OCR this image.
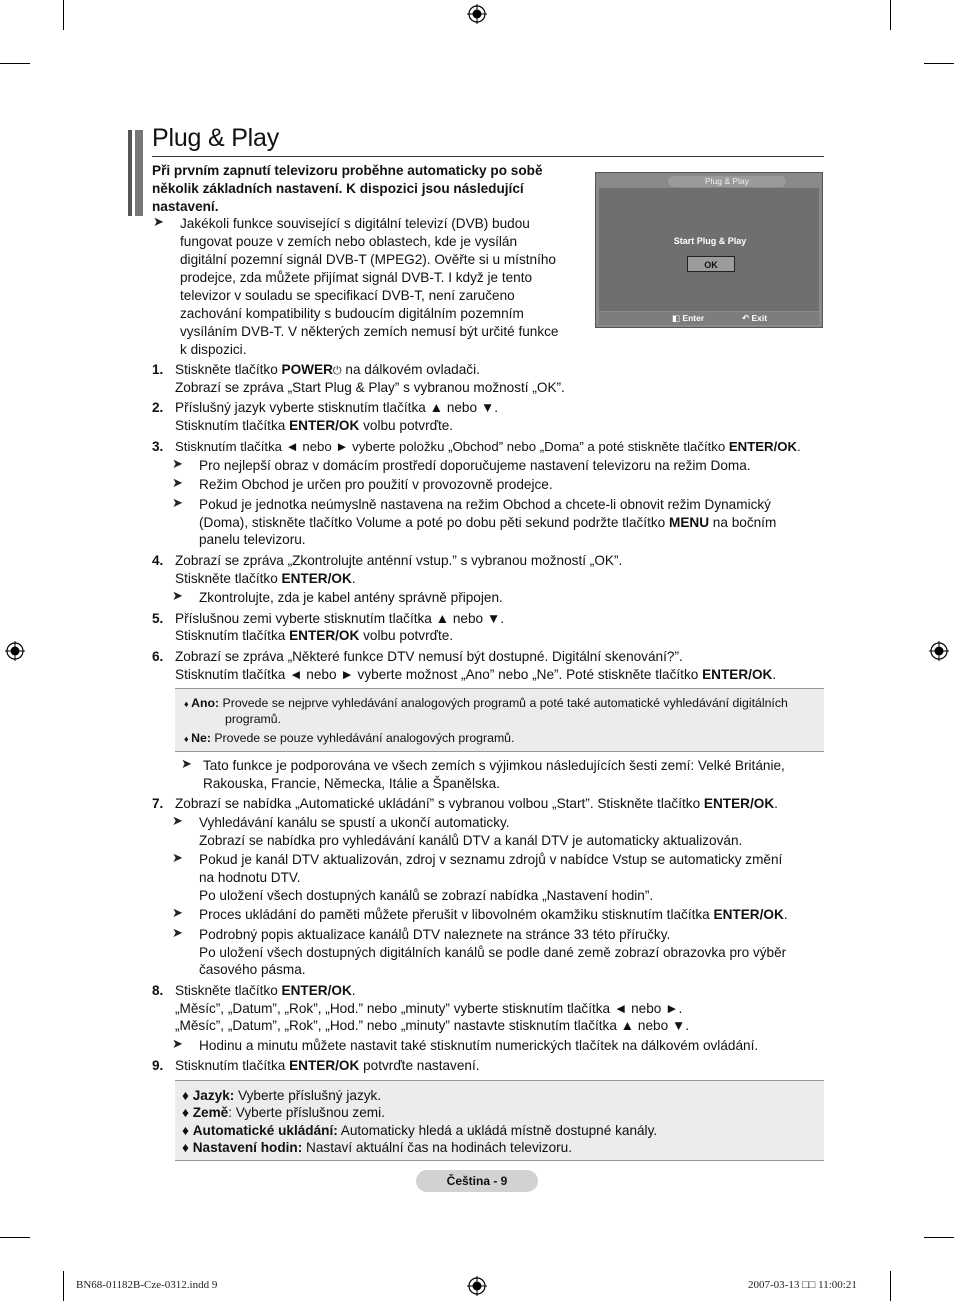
Plug & Play
Při prvním zapnutí televizoru proběhne automaticky po sobě několik základních nastavení. K dispozici jsou následující nastavení.
➤ Jakékoli funkce související s digitální televizí (DVB) budou
fungovat pouze v zemích nebo oblastech, kde je vysílán
digitální pozemní signál DVB-T (MPEG2). Ověřte si u místního
prodejce, zda můžete přijímat signál DVB-T. I když je tento
televizor v souladu se specifikací DVB-T, není zaručeno
zachování kompatibility s budoucím digitálním pozemním
vysíláním DVB-T. V některých zemích nemusí být určité funkce
k dispozici.
Plug & Play
Start Plug & Play
OK
◧ Enter	↶ Exit
1. Stiskněte tlačítko POWER⏻ na dálkovém ovladači.
Zobrazí se zpráva „Start Plug & Play” s vybranou možností „OK”.
2. Příslušný jazyk vyberte stisknutím tlačítka ▲ nebo ▼.
Stisknutím tlačítka ENTER/OK volbu potvrďte.
3. Stisknutím tlačítka ◄ nebo ► vyberte položku „Obchod” nebo „Doma” a poté stiskněte tlačítko ENTER/OK.
➤ Pro nejlepší obraz v domácím prostředí doporučujeme nastavení televizoru na režim Doma.
➤ Režim Obchod je určen pro použití v provozovně prodejce.
➤ Pokud je jednotka neúmyslně nastavena na režim Obchod a chcete-li obnovit režim Dynamický
(Doma), stiskněte tlačítko Volume a poté po dobu pěti sekund podržte tlačítko MENU na bočním
panelu televizoru.
4. Zobrazí se zpráva „Zkontrolujte anténní vstup.” s vybranou možností „OK”.
Stiskněte tlačítko ENTER/OK.
➤ Zkontrolujte, zda je kabel antény správně připojen.
5. Příslušnou zemi vyberte stisknutím tlačítka ▲ nebo ▼.
Stisknutím tlačítka ENTER/OK volbu potvrďte.
6. Zobrazí se zpráva „Některé funkce DTV nemusí být dostupné. Digitální skenování?”.
Stisknutím tlačítka ◄ nebo ► vyberte možnost „Ano” nebo „Ne”. Poté stiskněte tlačítko ENTER/OK.
♦ Ano: Provede se nejprve vyhledávání analogových programů a poté také automatické vyhledávání digitálních
programů.
♦ Ne: Provede se pouze vyhledávání analogových programů.
➤ Tato funkce je podporována ve všech zemích s výjimkou následujících šesti zemí: Velké Británie,
Rakouska, Francie, Německa, Itálie a Španělska.
7. Zobrazí se nabídka „Automatické ukládání” s vybranou volbou „Start”. Stiskněte tlačítko ENTER/OK.
➤ Vyhledávání kanálu se spustí a ukončí automaticky.
Zobrazí se nabídka pro vyhledávání kanálů DTV a kanál DTV je automaticky aktualizován.
➤ Pokud je kanál DTV aktualizován, zdroj v seznamu zdrojů v nabídce Vstup se automaticky změní
na hodnotu DTV.
Po uložení všech dostupných kanálů se zobrazí nabídka „Nastavení hodin”.
➤ Proces ukládání do paměti můžete přerušit v libovolném okamžiku stisknutím tlačítka ENTER/OK.
➤ Podrobný popis aktualizace kanálů DTV naleznete na stránce 33 této příručky.
Po uložení všech dostupných digitálních kanálů se podle dané země zobrazí obrazovka pro výběr
časového pásma.
8. Stiskněte tlačítko ENTER/OK.
„Měsíc”, „Datum”, „Rok”, „Hod.” nebo „minuty” vyberte stisknutím tlačítka ◄ nebo ►.
„Měsíc”, „Datum”, „Rok”, „Hod.” nebo „minuty” nastavte stisknutím tlačítka ▲ nebo ▼.
➤ Hodinu a minutu můžete nastavit také stisknutím numerických tlačítek na dálkovém ovládání.
9. Stisknutím tlačítka ENTER/OK potvrďte nastavení.
♦ Jazyk: Vyberte příslušný jazyk.
♦ Země: Vyberte příslušnou zemi.
♦ Automatické ukládání: Automaticky hledá a ukládá místně dostupné kanály.
♦ Nastavení hodin: Nastaví aktuální čas na hodinách televizoru.
Čeština - 9
BN68-01182B-Cze-0312.indd 9	2007-03-13 □□ 11:00:21
